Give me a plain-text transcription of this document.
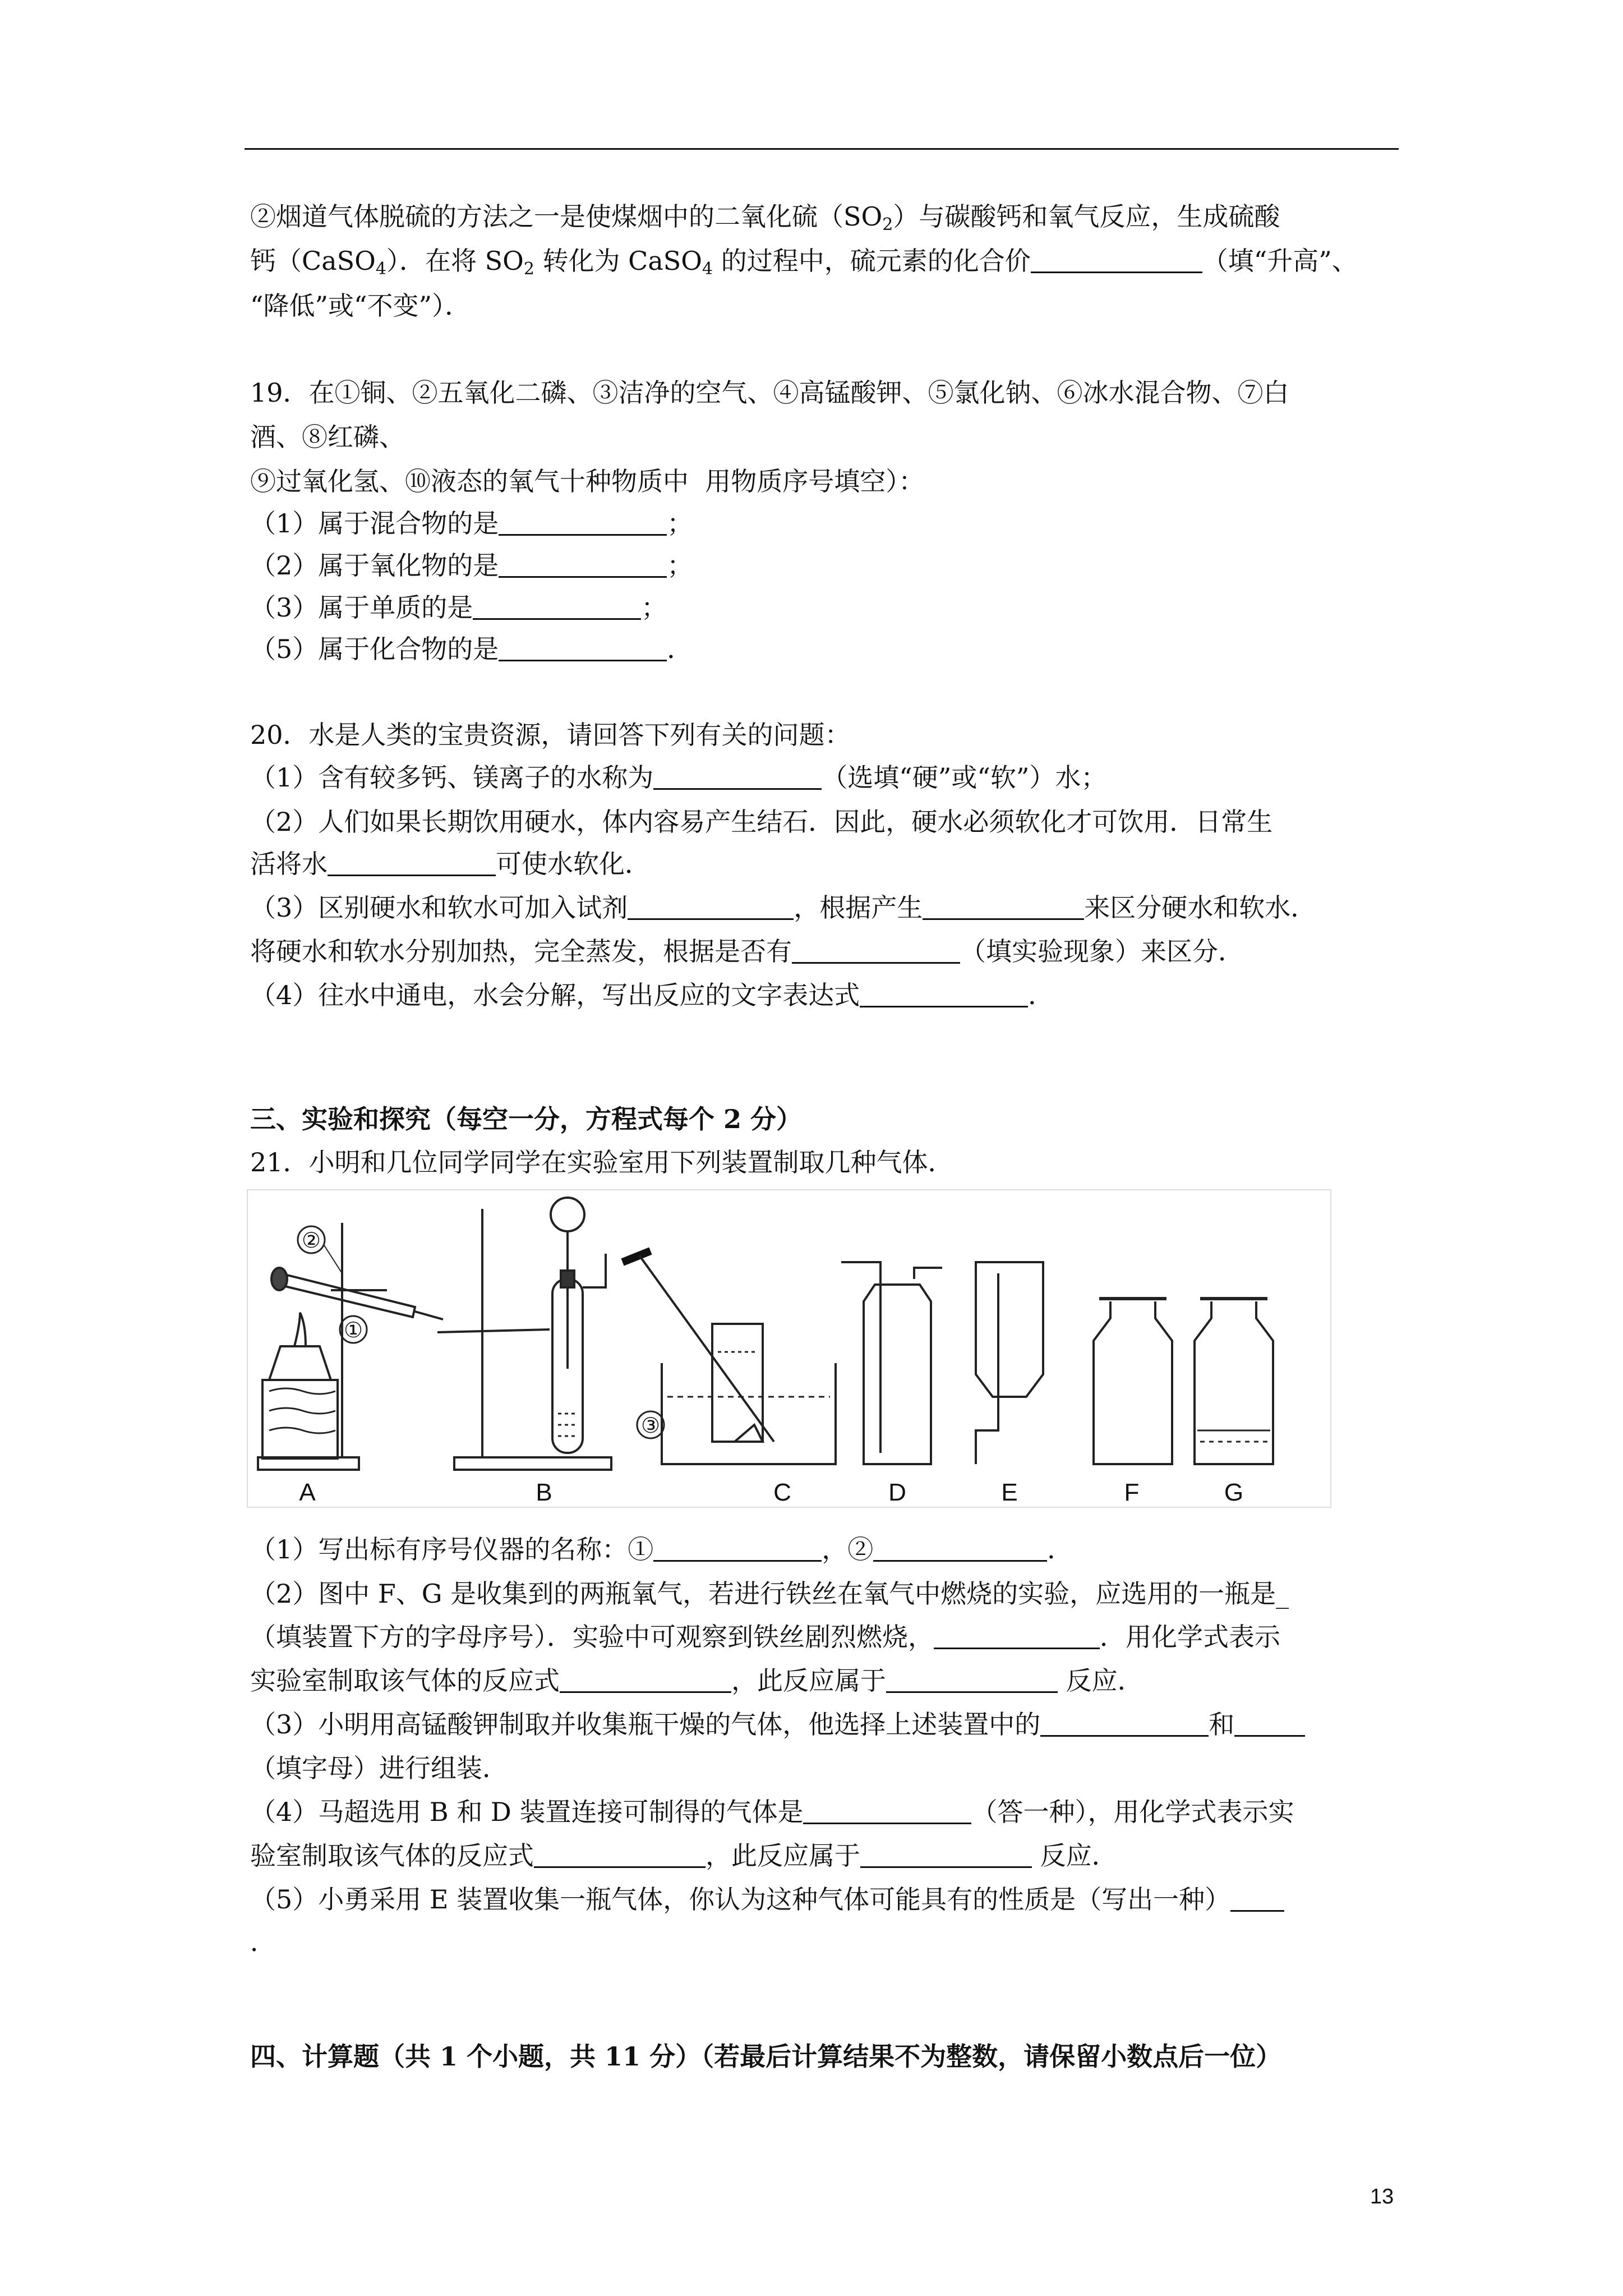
②烟道气体脱硫的方法之一是使煤烟中的二氧化硫$(SO_2)$与碳酸钙和氧气反应，生成硫酸
钙（CaSO$_4$）．在将 $SO_2$ 转化为 CaSO$_4$ 的过程中，硫元素的化合价	（填“升高”、
“降低”或“不变”）．
19．在①铜、②五氧化二磷、③洁净的空气、④高锰酸钾、⑤氯化钠、⑥冰水混合物、⑦白
酒、⑧红磷、
⑨过氧化氢、⑩液态的氧气十种物质中  用物质序号填空）：
（1）属于混合物的是	；
（2）属于氧化物的是	；
（3）属于单质的是	；
（5）属于化合物的是	．
20．水是人类的宝贵资源，请回答下列有关的问题：
（1）含有较多钙、镁离子的水称为	（选填“硬”或“软”）水；
（2）人们如果长期饮用硬水，体内容易产生结石．因此，硬水必须软化才可饮用．日常生
活将水	可使水软化．
（3）区别硬水和软水可加入试剂	，根据产生	来区分硬水和软水．
将硬水和软水分别加热，完全蒸发，根据是否有	（填实验现象）来区分．
（4）往水中通电，水会分解，写出反应的文字表达式	．
三、实验和探究（每空一分，方程式每个 2 分）
21．小明和几位同学同学在实验室用下列装置制取几种气体．
②
①
A	B
③
C	D	E	F	G
（1）写出标有序号仪器的名称：①	，②	．
（2）图中 F、G 是收集到的两瓶氧气，若进行铁丝在氧气中燃烧的实验，应选用的一瓶是_
（填装置下方的字母序号）．实验中可观察到铁丝剧烈燃烧，	．用化学式表示
实验室制取该气体的反应式	，此反应属于	反应．
（3）小明用高锰酸钾制取并收集瓶干燥的气体，他选择上述装置中的	和
（填字母）进行组装．
（4）马超选用 B 和 D 装置连接可制得的气体是	（答一种），用化学式表示实
验室制取该气体的反应式	，此反应属于	反应．
（5）小勇采用 E 装置收集一瓶气体，你认为这种气体可能具有的性质是（写出一种）
．
四、计算题（共 1 个小题，共 11 分）（若最后计算结果不为整数，请保留小数点后一位）
13
